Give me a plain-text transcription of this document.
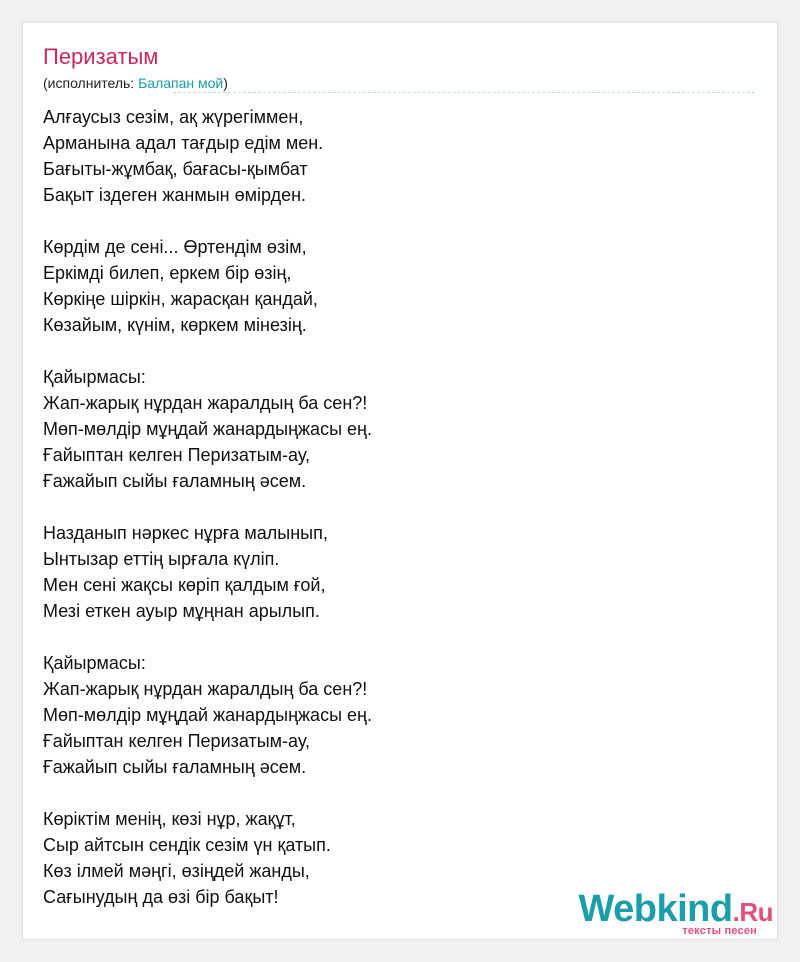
Перизатым
(исполнитель: Балапан мой)
Алғаусыз сезім, ақ жүрегіммен,
Арманына адал тағдыр едім мен.
Бағыты-жұмбақ, бағасы-қымбат
Бақыт іздеген жанмын өмірден.
Көрдім де сені... Өртендім өзім,
Еркімді билеп, еркем бір өзің,
Көркіңе шіркін, жарасқан қандай,
Көзайым, күнім, көркем мінезің.
Қайырмасы:
Жап-жарық нұрдан жаралдың ба сен?!
Мөп-мөлдір мұңдай жанардыңжасы ең.
Ғайыптан келген Перизатым-ау,
Ғажайып сыйы ғаламның әсем.
Назданып нәркес нұрға малынып,
Ынтызар еттің ырғала күліп.
Мен сені жақсы көріп қалдым ғой,
Мезі еткен ауыр мұңнан арылып.
Қайырмасы:
Жап-жарық нұрдан жаралдың ба сен?!
Мөп-мөлдір мұңдай жанардыңжасы ең.
Ғайыптан келген Перизатым-ау,
Ғажайып сыйы ғаламның әсем.
Көріктім менің, көзі нұр, жақұт,
Сыр айтсын сендік сезім үн қатып.
Көз ілмей мәңгі, өзіңдей жанды,
Сағынудың да өзі бір бақыт!	Webkind.Ru
тексты песен
